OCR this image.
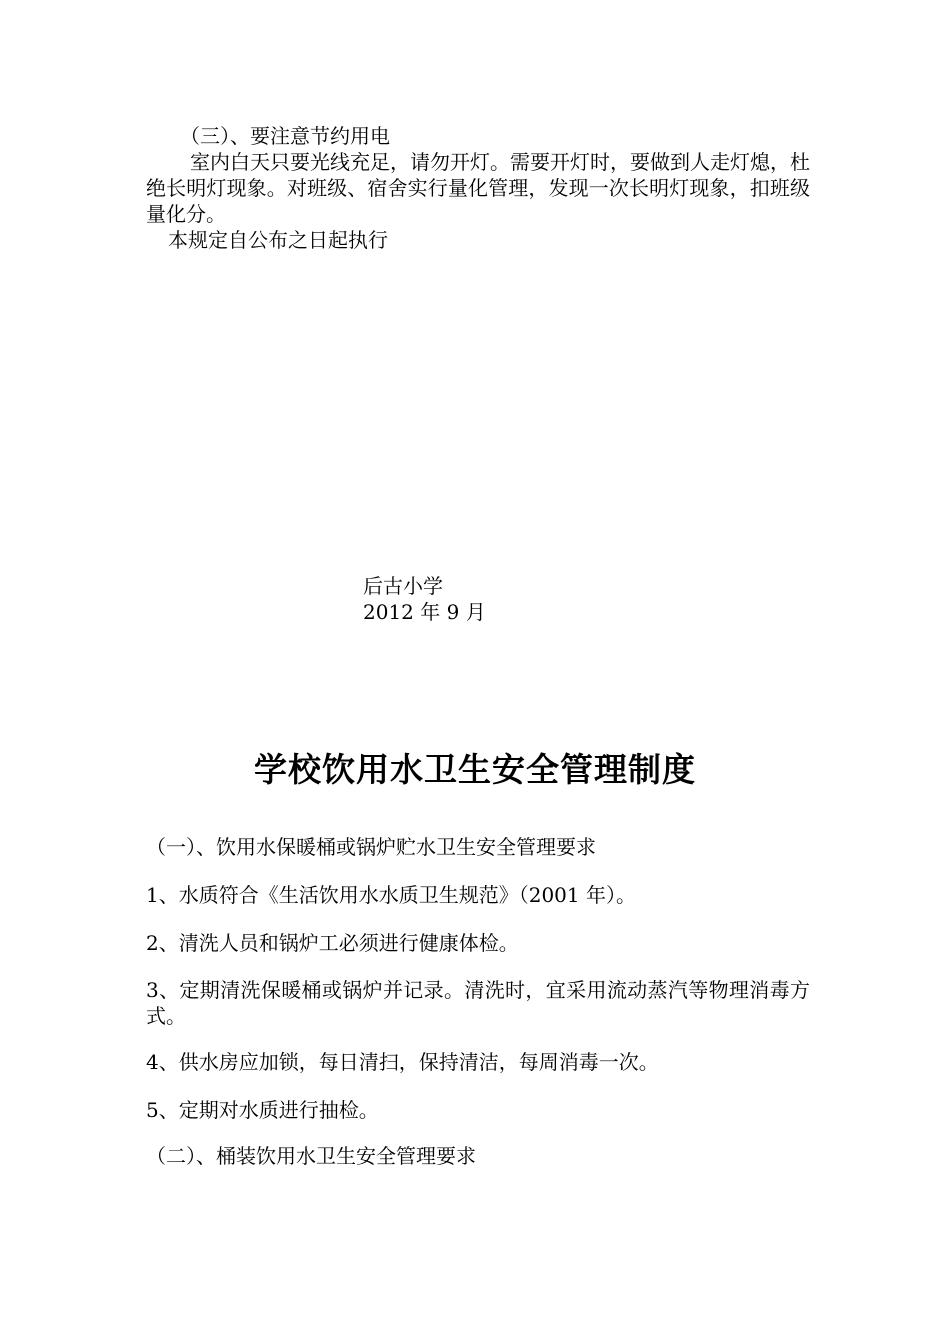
（三）、要注意节约用电
室内白天只要光线充足，请勿开灯。需要开灯时，要做到人走灯熄，杜绝长明灯现象。对班级、宿舍实行量化管理，发现一次长明灯现象，扣班级量化分。
本规定自公布之日起执行
后古小学
2012 年 9 月
学校饮用水卫生安全管理制度
（一）、饮用水保暖桶或锅炉贮水卫生安全管理要求
1、水质符合《生活饮用水水质卫生规范》（2001 年）。
2、清洗人员和锅炉工必须进行健康体检。
3、定期清洗保暖桶或锅炉并记录。清洗时，宜采用流动蒸汽等物理消毒方式。
4、供水房应加锁，每日清扫，保持清洁，每周消毒一次。
5、定期对水质进行抽检。
（二）、桶装饮用水卫生安全管理要求
